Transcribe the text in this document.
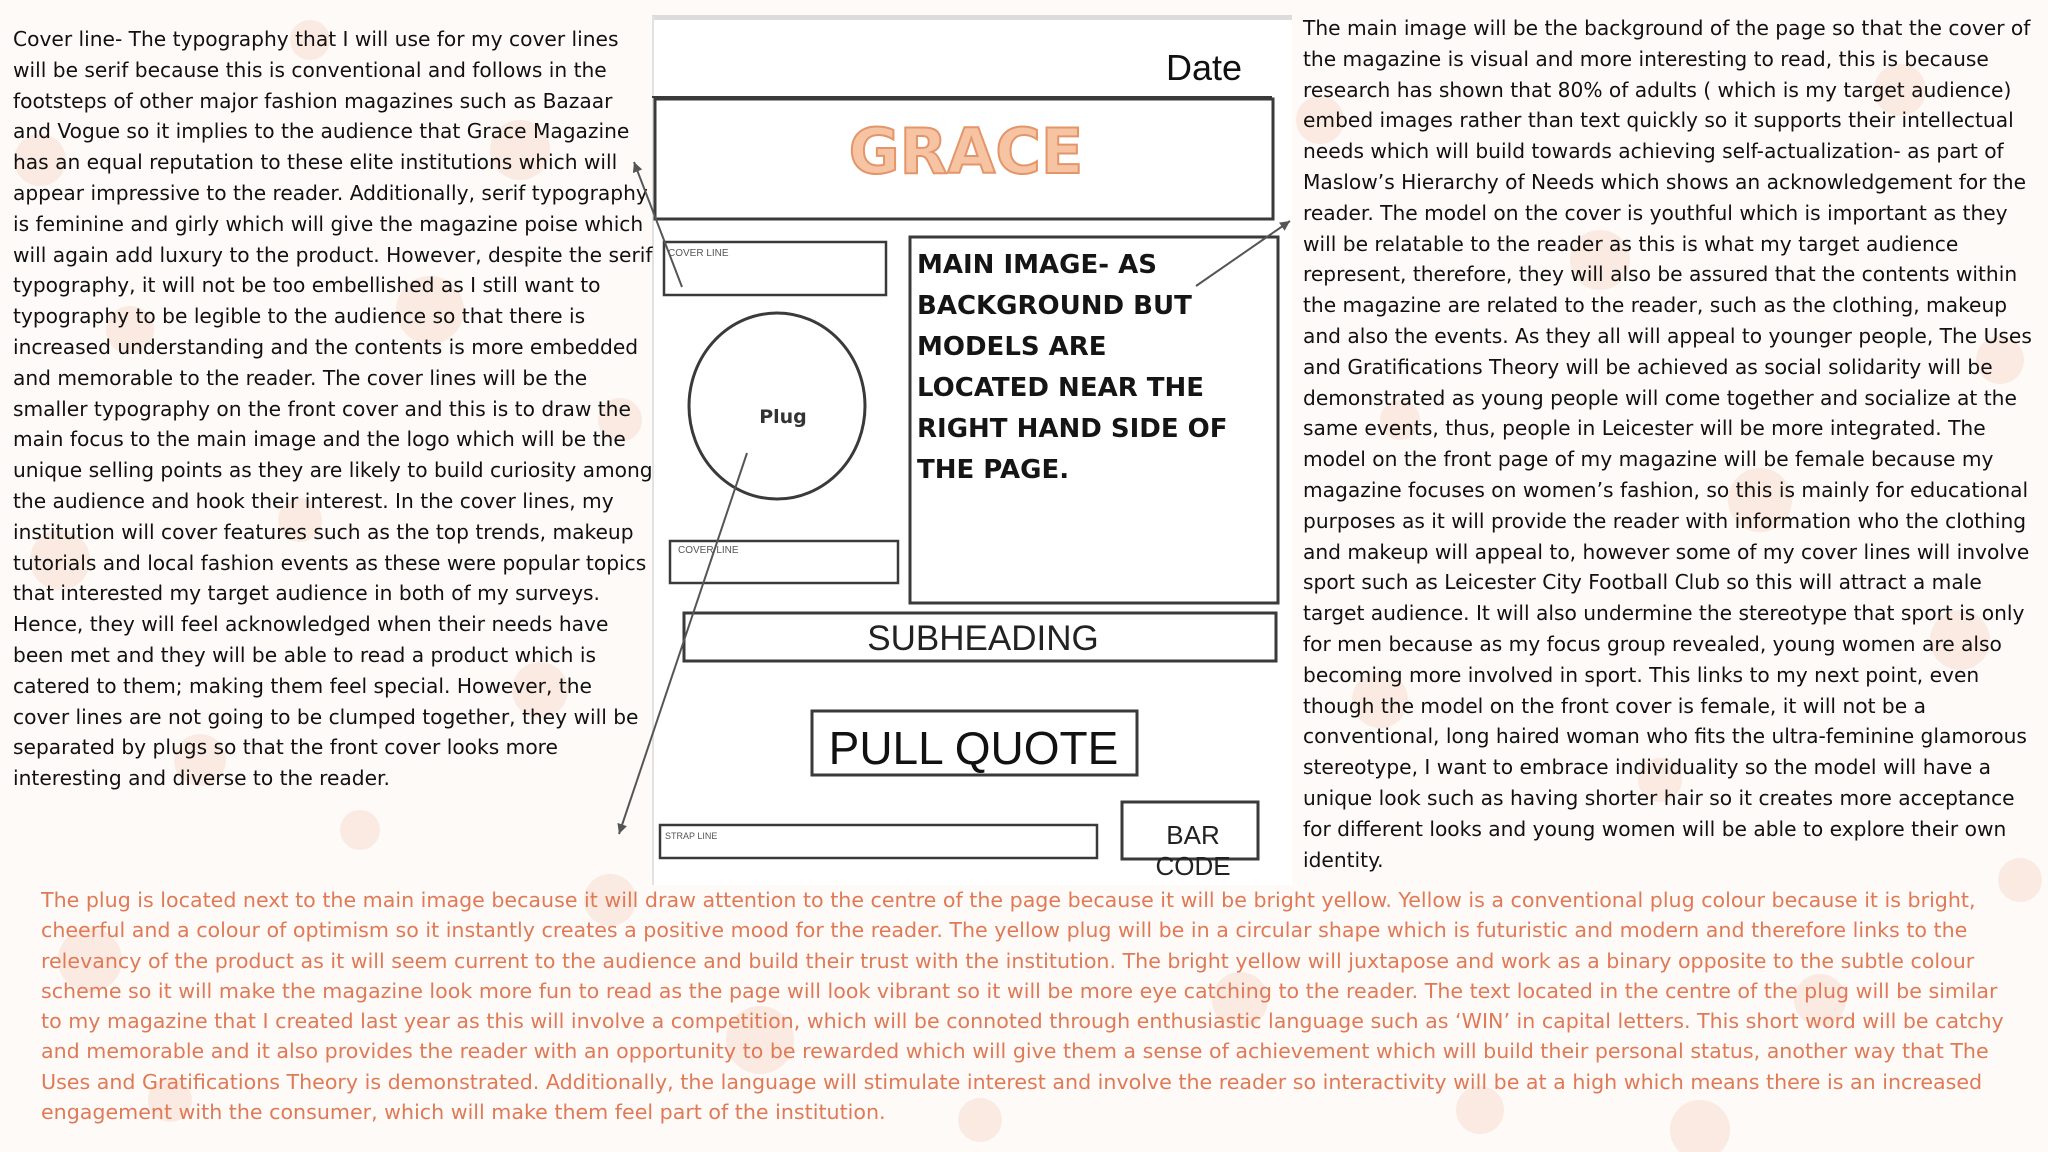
Cover line- The typography that I will use for my cover lines will be serif because this is conventional and follows in the footsteps of other major fashion magazines such as Bazaar and Vogue so it implies to the audience that Grace Magazine has an equal reputation to these elite institutions which will appear impressive to the reader. Additionally, serif typography is feminine and girly which will give the magazine poise which will again add luxury to the product. However, despite the serif typography, it will not be too embellished as I still want to typography to be legible to the audience so that there is increased understanding and the contents is more embedded and memorable to the reader. The cover lines will be the smaller typography on the front cover and this is to draw the main focus to the main image and the logo which will be the unique selling points as they are likely to build curiosity among the audience and hook their interest. In the cover lines, my institution will cover features such as the top trends, makeup tutorials and local fashion events as these were popular topics that interested my target audience in both of my surveys. Hence, they will feel acknowledged when their needs have been met and they will be able to read a product which is catered to them; making them feel special. However, the cover lines are not going to be clumped together, they will be separated by plugs so that the front cover looks more interesting and diverse to the reader.

Date

GRACE

COVER LINE

Plug

MAIN IMAGE- AS BACKGROUND BUT MODELS ARE LOCATED NEAR THE RIGHT HAND SIDE OF THE PAGE.

COVER LINE

SUBHEADING

PULL QUOTE

STRAP LINE	BAR CODE

The main image will be the background of the page so that the cover of the magazine is visual and more interesting to read, this is because research has shown that 80% of adults ( which is my target audience) embed images rather than text quickly so it supports their intellectual needs which will build towards achieving self-actualization- as part of Maslow’s Hierarchy of Needs which shows an acknowledgement for the reader. The model on the cover is youthful which is important as they will be relatable to the reader as this is what my target audience represent, therefore, they will also be assured that the contents within the magazine are related to the reader, such as the clothing, makeup and also the events. As they all will appeal to younger people, The Uses and Gratifications Theory will be achieved as social solidarity will be demonstrated as young people will come together and socialize at the same events, thus, people in Leicester will be more integrated. The model on the front page of my magazine will be female because my magazine focuses on women’s fashion, so this is mainly for educational purposes as it will provide the reader with information who the clothing and makeup will appeal to, however some of my cover lines will involve sport such as Leicester City Football Club so this will attract a male target audience. It will also undermine the stereotype that sport is only for men because as my focus group revealed, young women are also becoming more involved in sport. This links to my next point, even though the model on the front cover is female, it will not be a conventional, long haired woman who fits the ultra-feminine glamorous stereotype, I want to embrace individuality so the model will have a unique look such as having shorter hair so it creates more acceptance for different looks and young women will be able to explore their own identity.

The plug is located next to the main image because it will draw attention to the centre of the page because it will be bright yellow. Yellow is a conventional plug colour because it is bright, cheerful and a colour of optimism so it instantly creates a positive mood for the reader. The yellow plug will be in a circular shape which is futuristic and modern and therefore links to the relevancy of the product as it will seem current to the audience and build their trust with the institution. The bright yellow will juxtapose and work as a binary opposite to the subtle colour scheme so it will make the magazine look more fun to read as the page will look vibrant so it will be more eye catching to the reader. The text located in the centre of the plug will be similar to my magazine that I created last year as this will involve a competition, which will be connoted through enthusiastic language such as ‘WIN’ in capital letters. This short word will be catchy and memorable and it also provides the reader with an opportunity to be rewarded which will give them a sense of achievement which will build their personal status, another way that The Uses and Gratifications Theory is demonstrated. Additionally, the language will stimulate interest and involve the reader so interactivity will be at a high which means there is an increased engagement with the consumer, which will make them feel part of the institution.
